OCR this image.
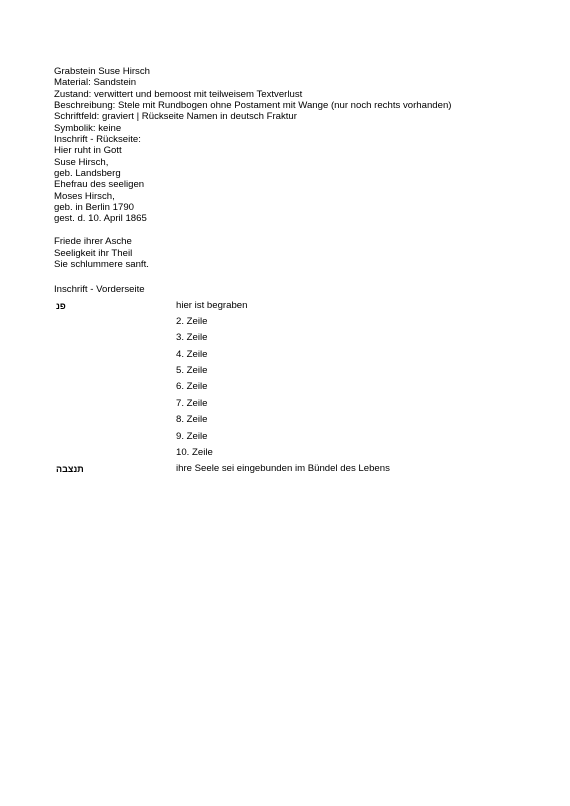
Grabstein Suse Hirsch
Material: Sandstein
Zustand: verwittert und bemoost mit teilweisem Textverlust
Beschreibung: Stele mit Rundbogen ohne Postament mit Wange (nur noch rechts vorhanden)
Schriftfeld: graviert | Rückseite Namen in deutsch Fraktur
Symbolik: keine
Inschrift - Rückseite:
Hier ruht in Gott
Suse Hirsch,
geb. Landsberg
Ehefrau des seeligen
Moses Hirsch,
geb. in Berlin 1790
gest. d. 10. April 1865
Friede ihrer Asche
Seeligkeit ihr Theil
Sie schlummere sanft.
Inschrift - Vorderseite
פנ	hier ist begraben
2. Zeile
3. Zeile
4. Zeile
5. Zeile
6. Zeile
7. Zeile
8. Zeile
9. Zeile
10. Zeile
תנצבה	ihre Seele sei eingebunden im Bündel des Lebens
